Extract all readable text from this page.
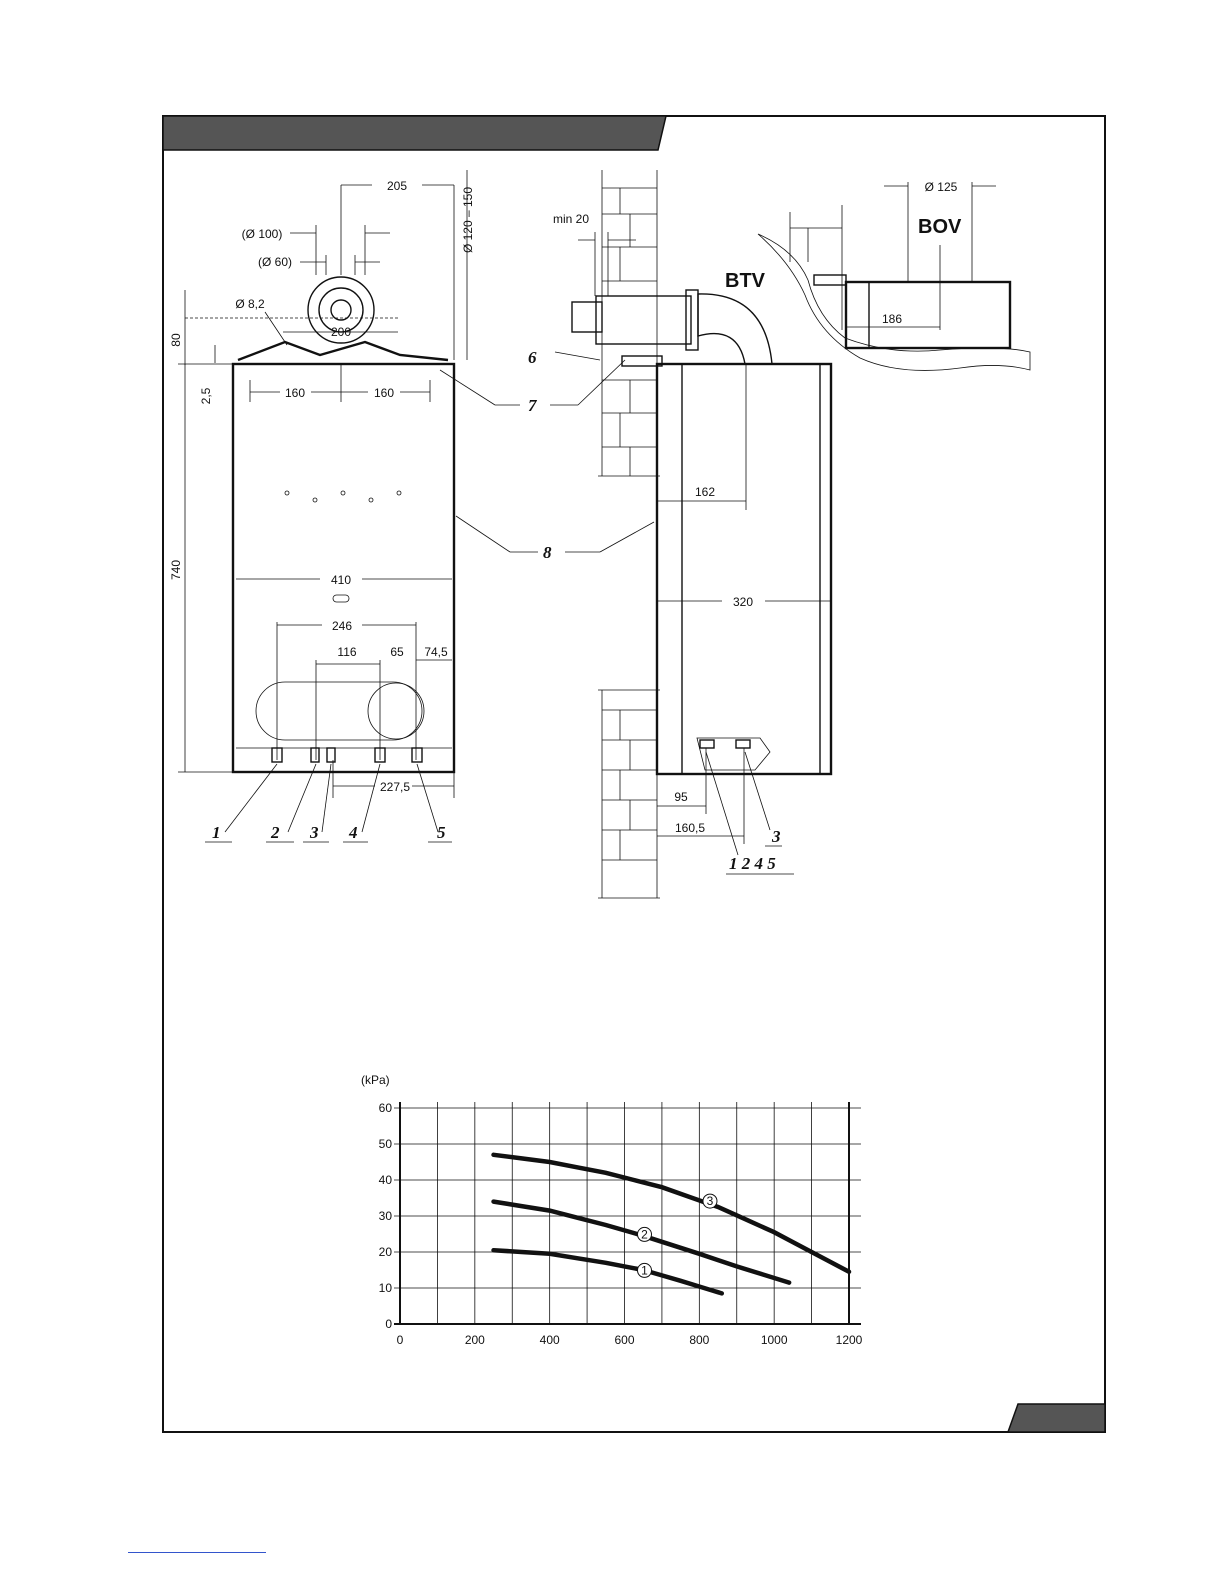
205
Ø 120 – 150
(Ø 100)
(Ø 60)
Ø 8,2
200
80
2,5	160	160
740	410
246
116	65 74,5
227,5
1	2 3 4	5
BTV
min 20
162
320
95
160,5
6
7
8
3
1 2 4 5
BOV
Ø 125
186
(kPa)
0	200	400	600	800	1000	1200
0
10
20
30
40
50
60
1
2
3
